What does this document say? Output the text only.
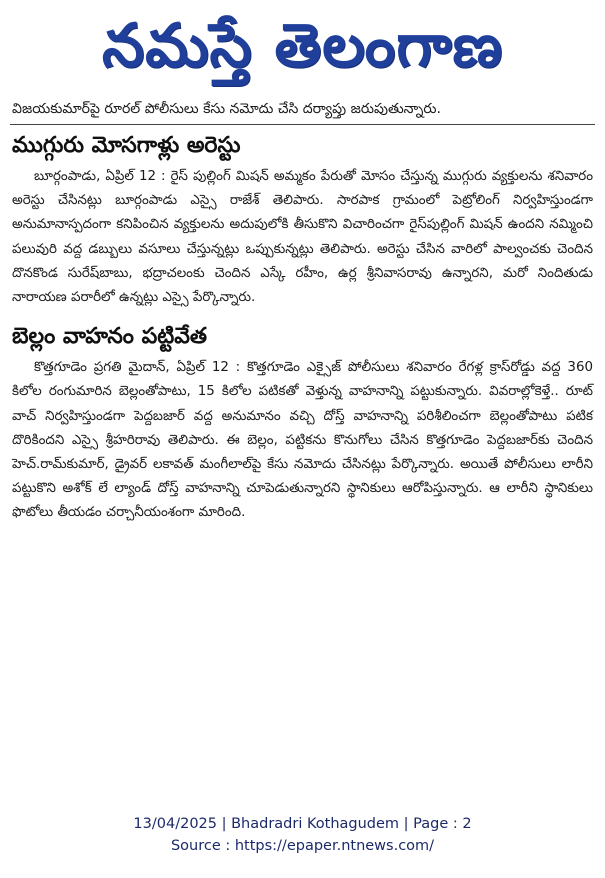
నమస్తే తెలంగాణ

విజయకుమార్‌పై రూరల్ పోలీసులు కేసు నమోదు చేసి దర్యాప్తు జరుపుతున్నారు.

ముగ్గురు మోసగాళ్లు అరెస్టు

బూర్గంపాడు, ఏప్రిల్ 12 : రైస్ పుల్లింగ్ మిషన్ అమ్మకం పేరుతో మోసం చేస్తున్న ముగ్గురు వ్యక్తులను శనివారం అరెస్టు చేసినట్లు బూర్గంపాడు ఎస్సై రాజేశ్ తెలిపారు. సారపాక గ్రామంలో పెట్రోలింగ్ నిర్వహిస్తుండగా అనుమానాస్పదంగా కనిపించిన వ్యక్తులను అదుపులోకి తీసుకొని విచారించగా రైస్‌పుల్లింగ్ మిషన్ ఉందని నమ్మించి పలువురి వద్ద డబ్బులు వసూలు చేస్తున్నట్లు ఒప్పుకున్నట్లు తెలిపారు. అరెస్టు చేసిన వారిలో పాల్వంచకు చెందిన దొనకొండ సురేష్‌బాబు, భద్రాచలంకు చెందిన ఎస్కే రహీం, ఉర్ల శ్రీనివాసరావు ఉన్నారని, మరో నిందితుడు నారాయణ పరారీలో ఉన్నట్లు ఎస్సై పేర్కొన్నారు.

బెల్లం వాహనం పట్టివేత

కొత్తగూడెం ప్రగతి మైదాన్, ఏప్రిల్ 12 : కొత్తగూడెం ఎక్సైజ్ పోలీసులు శనివారం రేగళ్ల క్రాస్‌రోడ్డు వద్ద 360 కిలోల రంగుమారిన బెల్లంతోపాటు, 15 కిలోల పటికతో వెళ్తున్న వాహనాన్ని పట్టుకున్నారు. వివరాల్లోకెళ్తే.. రూట్ వాచ్ నిర్వహిస్తుండగా పెద్దబజార్ వద్ద అనుమానం వచ్చి దోస్త్ వాహనాన్ని పరిశీలించగా బెల్లంతోపాటు పటిక దొరికిందని ఎస్సై శ్రీహరిరావు తెలిపారు. ఈ బెల్లం, పట్టికను కొనుగోలు చేసిన కొత్తగూడెం పెద్దబజార్‌కు చెందిన హెచ్.రామ్‌కుమార్, డ్రైవర్ లకావత్ మంగీలాల్‌పై కేసు నమోదు చేసినట్లు పేర్కొన్నారు. అయితే పోలీసులు లారీని పట్టుకొని అశోక్ లే ల్యాండ్ దోస్త్ వాహనాన్ని చూపెడుతున్నారని స్థానికులు ఆరోపిస్తున్నారు. ఆ లారీని స్థానికులు ఫొటోలు తీయడం చర్చానీయంశంగా మారింది.

13/04/2025 | Bhadradri Kothagudem | Page : 2
Source : https://epaper.ntnews.com/
